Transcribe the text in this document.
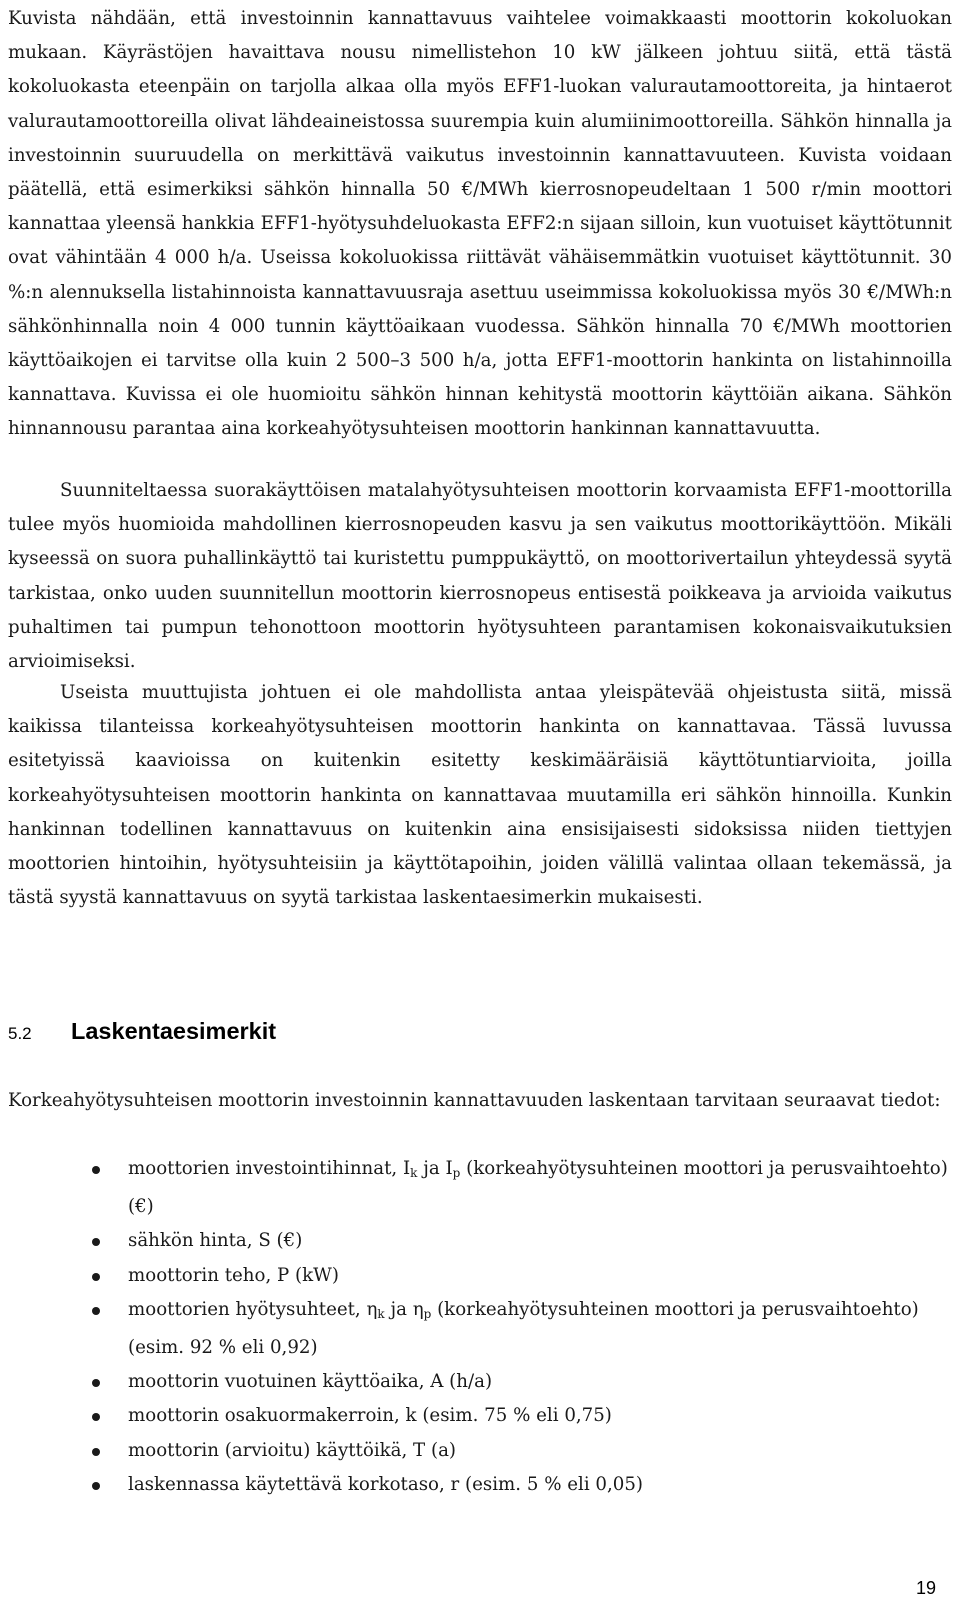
Kuvista nähdään, että investoinnin kannattavuus vaihtelee voimakkaasti moottorin kokoluokan mukaan. Käyrästöjen havaittava nousu nimellistehon 10 kW jälkeen johtuu siitä, että tästä kokoluokasta eteenpäin on tarjolla alkaa olla myös EFF1-luokan valurautamoottoreita, ja hintaerot valurautamoottoreilla olivat lähdeaineistossa suurempia kuin alumiinimoottoreilla. Sähkön hinnalla ja investoinnin suuruudella on merkittävä vaikutus investoinnin kannattavuuteen. Kuvista voidaan päätellä, että esimerkiksi sähkön hinnalla 50 €/MWh kierrosnopeudeltaan 1 500 r/min moottori kannattaa yleensä hankkia EFF1-hyötysuhdeluokasta EFF2:n sijaan silloin, kun vuotuiset käyttötunnit ovat vähintään 4 000 h/a. Useissa kokoluokissa riittävät vähäisemmätkin vuotuiset käyttötunnit. 30 %:n alennuksella listahinnoista kannattavuusraja asettuu useimmissa kokoluokissa myös 30 €/MWh:n sähkönhinnalla noin 4 000 tunnin käyttöaikaan vuodessa. Sähkön hinnalla 70 €/MWh moottorien käyttöaikojen ei tarvitse olla kuin 2 500–3 500 h/a, jotta EFF1-moottorin hankinta on listahinnoilla kannattava. Kuvissa ei ole huomioitu sähkön hinnan kehitystä moottorin käyttöiän aikana. Sähkön hinnannousu parantaa aina korkeahyötysuhteisen moottorin hankinnan kannattavuutta.

Suunniteltaessa suorakäyttöisen matalahyötysuhteisen moottorin korvaamista EFF1-moottorilla tulee myös huomioida mahdollinen kierrosnopeuden kasvu ja sen vaikutus moottorikäyttöön. Mikäli kyseessä on suora puhallinkäyttö tai kuristettu pumppukäyttö, on moottorivertailun yhteydessä syytä tarkistaa, onko uuden suunnitellun moottorin kierrosnopeus entisestä poikkeava ja arvioida vaikutus puhaltimen tai pumpun tehonottoon moottorin hyötysuhteen parantamisen kokonaisvaikutuksien arvioimiseksi.

Useista muuttujista johtuen ei ole mahdollista antaa yleispätevää ohjeistusta siitä, missä kaikissa tilanteissa korkeahyötysuhteisen moottorin hankinta on kannattavaa. Tässä luvussa esitetyissä kaavioissa on kuitenkin esitetty keskimääräisiä käyttötuntiarvioita, joilla korkeahyötysuhteisen moottorin hankinta on kannattavaa muutamilla eri sähkön hinnoilla. Kunkin hankinnan todellinen kannattavuus on kuitenkin aina ensisijaisesti sidoksissa niiden tiettyjen moottorien hintoihin, hyötysuhteisiin ja käyttötapoihin, joiden välillä valintaa ollaan tekemässä, ja tästä syystä kannattavuus on syytä tarkistaa laskentaesimerkin mukaisesti.

5.2 Laskentaesimerkit

Korkeahyötysuhteisen moottorin investoinnin kannattavuuden laskentaan tarvitaan seuraavat tiedot:

moottorien investointihinnat, $I_k$ ja $I_p$ (korkeahyötysuhteinen moottori ja perusvaihtoehto) (€)
sähkön hinta, S (€)
moottorin teho, P (kW)
moottorien hyötysuhteet, $\eta_k$ ja $\eta_p$ (korkeahyötysuhteinen moottori ja perusvaihtoehto) (esim. 92 % eli 0,92)
moottorin vuotuinen käyttöaika, A (h/a)
moottorin osakuormakerroin, k (esim. 75 % eli 0,75)
moottorin (arvioitu) käyttöikä, T (a)
laskennassa käytettävä korkotaso, r (esim. 5 % eli 0,05)
19
